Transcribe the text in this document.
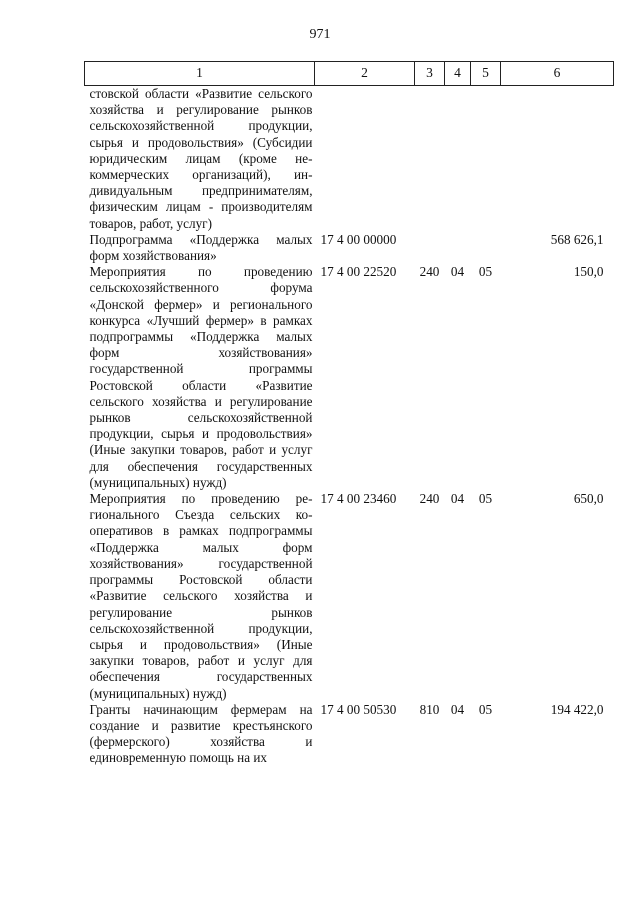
971
1	2	3	4	5	6
стовской области «Развитие сельского хозяйства и регулирование рынков сельскохозяйственной продукции, сырья и продовольствия» (Субсидии юридическим лицам (кроме некоммерческих организаций), индивидуальным предпринимателям, физическим лицам - производителям товаров, работ, услуг)					
Подпрограмма «Поддержка малых форм хозяйствования»	17 4 00 00000				568 626,1
Мероприятия по проведению сельскохозяйственного форума «Донской фермер» и регионального конкурса «Лучший фермер» в рамках подпрограммы «Поддержка малых форм хозяйствования» государственной программы Ростовской области «Развитие сельского хозяйства и регулирование рынков сельскохозяйственной продукции, сырья и продовольствия» (Иные закупки товаров, работ и услуг для обеспечения государственных (муниципальных) нужд)	17 4 00 22520	240	04	05	150,0
Мероприятия по проведению регионального Съезда сельских кооперативов в рамках подпрограммы «Поддержка малых форм хозяйствования» государственной программы Ростовской области «Развитие сельского хозяйства и регулирование рынков сельскохозяйственной продукции, сырья и продовольствия» (Иные закупки товаров, работ и услуг для обеспечения государственных (муниципальных) нужд)	17 4 00 23460	240	04	05	650,0
Гранты начинающим фермерам на создание и развитие крестьянского (фермерского) хозяйства и единовременную помощь на их	17 4 00 50530	810	04	05	194 422,0
